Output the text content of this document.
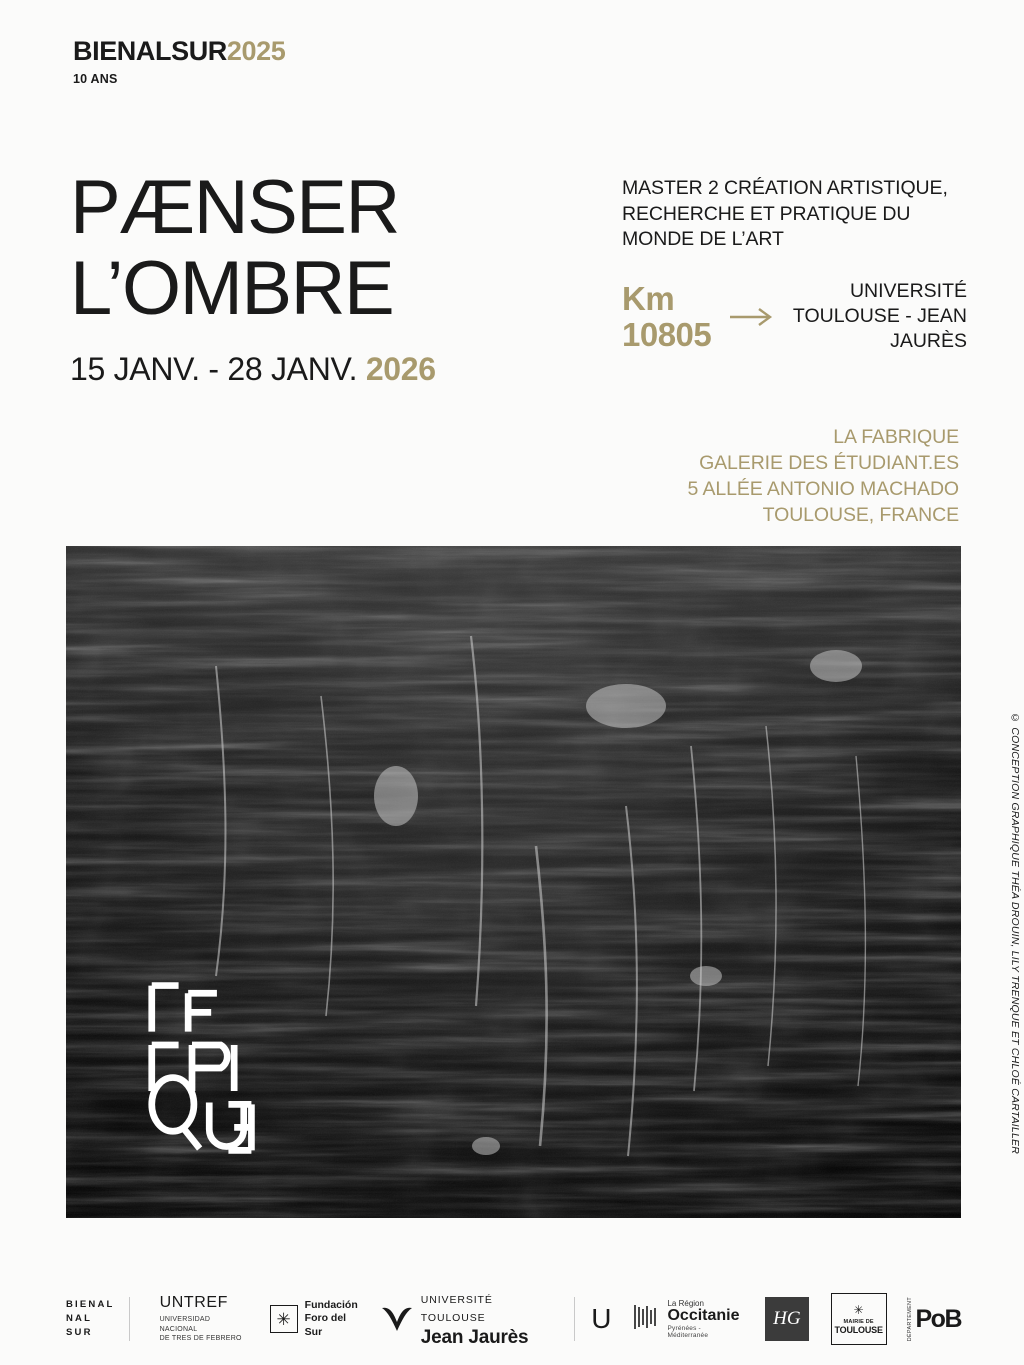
BIENALSUR2025
10 ANS
PÆNSER
L’OMBRE
15 JANV. - 28 JANV. 2026
MASTER 2 CRÉATION ARTISTIQUE, RECHERCHE ET PRATIQUE DU MONDE DE L’ART
Km
10805
UNIVERSITÉ TOULOUSE - JEAN JAURÈS
LA FABRIQUE
GALERIE DES ÉTUDIANT.ES
5 ALLÉE ANTONIO MACHADO
TOULOUSE, FRANCE
© CONCEPTION GRAPHIQUE THÉA DROUIN, LILY TRENQUE ET CHLOÉ CARTAILLER
BIENAL
NAL
SUR
UNTREF
UNIVERSIDAD NACIONAL
DE TRES DE FEBRERO
✳
Fundación
Foro del
Sur
UNIVERSITÉ TOULOUSE
Jean Jaurès
U	La Région
Occitanie
Pyrénées - Méditerranée
HG	✳
MAIRIE DE
TOULOUSE	DÉPARTEMENT PoB
